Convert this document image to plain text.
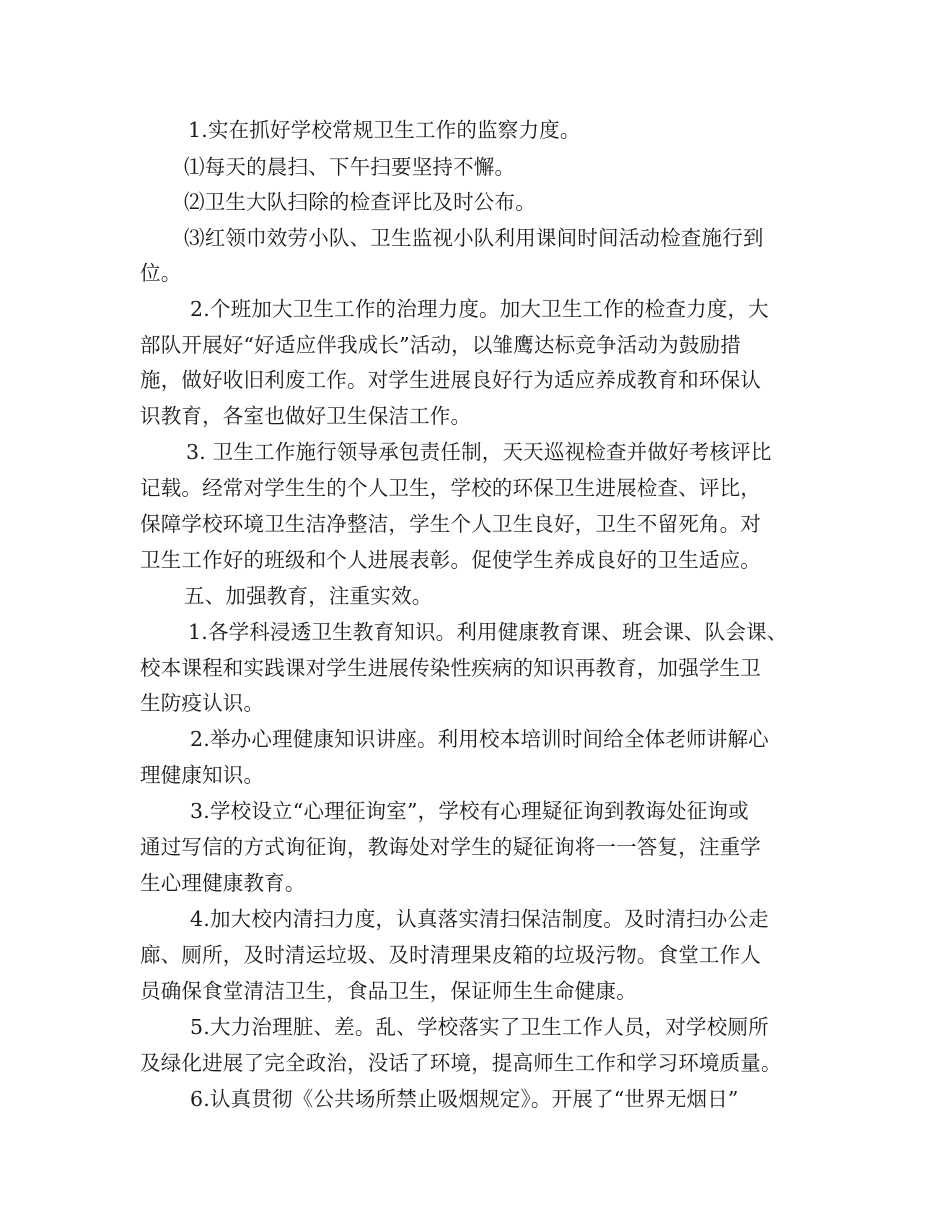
1.实在抓好学校常规卫生工作的监察力度。
⑴每天的晨扫、下午扫要坚持不懈。
⑵卫生大队扫除的检查评比及时公布。
⑶红领巾效劳小队、卫生监视小队利用课间时间活动检查施行到
位。
2.个班加大卫生工作的治理力度。加大卫生工作的检查力度，大
部队开展好“好适应伴我成长”活动，以雏鹰达标竞争活动为鼓励措
施，做好收旧利废工作。对学生进展良好行为适应养成教育和环保认
识教育，各室也做好卫生保洁工作。
3. 卫生工作施行领导承包责任制，天天巡视检查并做好考核评比
记载。经常对学生生的个人卫生，学校的环保卫生进展检查、评比，
保障学校环境卫生洁净整洁，学生个人卫生良好，卫生不留死角。对
卫生工作好的班级和个人进展表彰。促使学生养成良好的卫生适应。
五、加强教育，注重实效。
1.各学科浸透卫生教育知识。利用健康教育课、班会课、队会课、
校本课程和实践课对学生进展传染性疾病的知识再教育，加强学生卫
生防疫认识。
2.举办心理健康知识讲座。利用校本培训时间给全体老师讲解心
理健康知识。
3.学校设立“心理征询室”，学校有心理疑征询到教诲处征询或
通过写信的方式询征询，教诲处对学生的疑征询将一一答复，注重学
生心理健康教育。
4.加大校内清扫力度，认真落实清扫保洁制度。及时清扫办公走
廊、厕所，及时清运垃圾、及时清理果皮箱的垃圾污物。食堂工作人
员确保食堂清洁卫生，食品卫生，保证师生生命健康。
5.大力治理脏、差。乱、学校落实了卫生工作人员，对学校厕所
及绿化进展了完全政治，没话了环境，提高师生工作和学习环境质量。
6.认真贯彻《公共场所禁止吸烟规定》。开展了“世界无烟日”
